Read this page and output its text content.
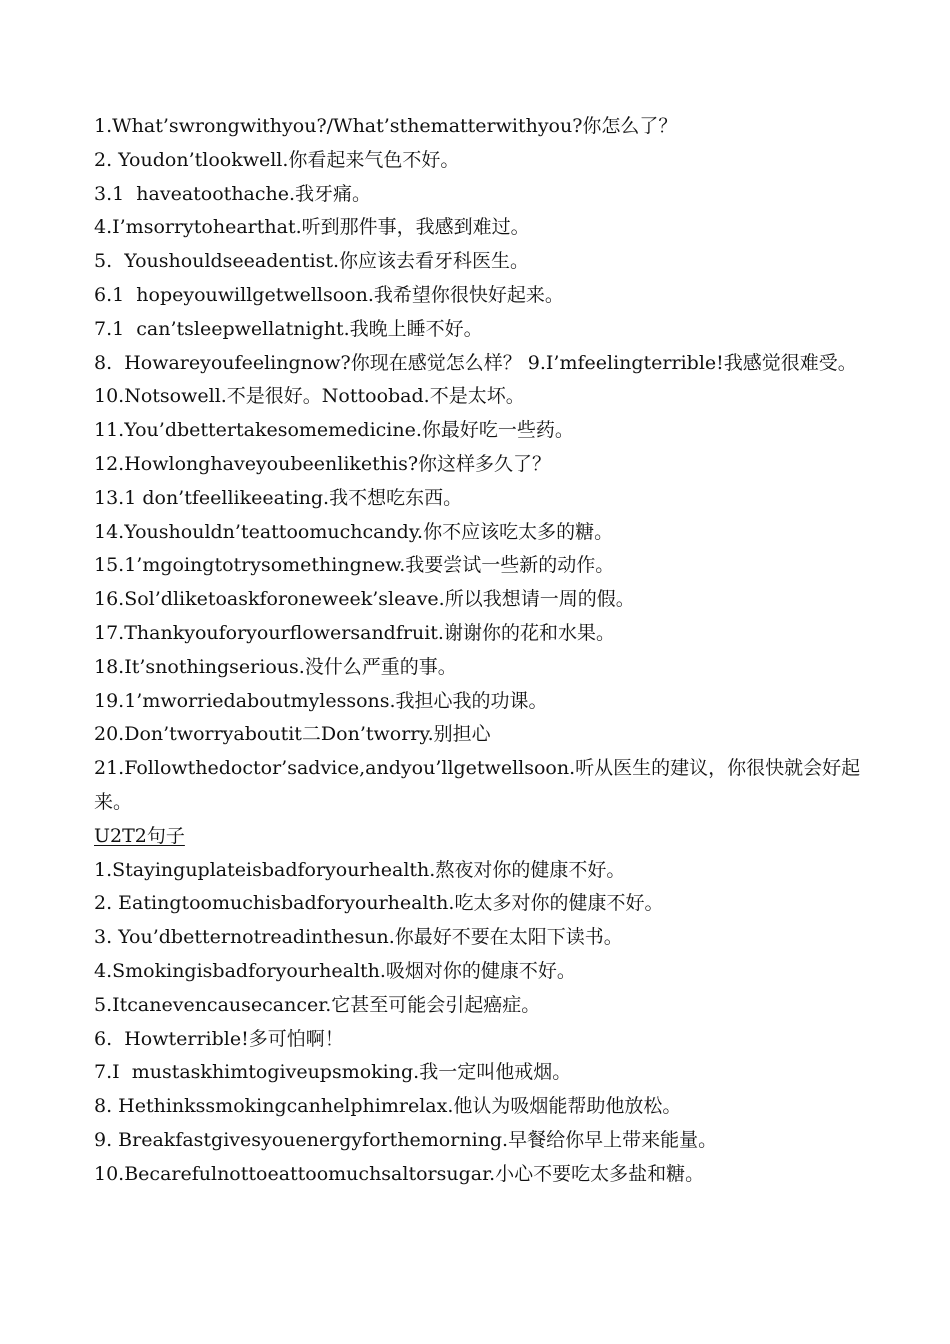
1.What’swrongwithyou?/What’sthematterwithyou?你怎么了？

2. Youdon’tlookwell.你看起来气色不好。

3.1  haveatoothache.我牙痛。

4.I’msorrytohearthat.听到那件事，我感到难过。

5.  Youshouldseeadentist.你应该去看牙科医生。

6.1  hopeyouwillgetwellsoon.我希望你很快好起来。

7.1  can’tsleepwellatnight.我晚上睡不好。

8.  Howareyoufeelingnow?你现在感觉怎么样？ 9.I’mfeelingterrible!我感觉很难受。

10.Notsowell.不是很好。Nottoobad.不是太坏。

11.You’dbettertakesomemedicine.你最好吃一些药。

12.Howlonghaveyoubeenlikethis?你这样多久了？

13.1 don’tfeellikeeating.我不想吃东西。

14.Youshouldn’teattoomuchcandy.你不应该吃太多的糖。

15.1’mgoingtotrysomethingnew.我要尝试一些新的动作。

16.Sol’dliketoaskforoneweek’sleave.所以我想请一周的假。

17.Thankyouforyourflowersandfruit.谢谢你的花和水果。

18.It’snothingserious.没什么严重的事。

19.1’mworriedaboutmylessons.我担心我的功课。

20.Don’tworryaboutit二Don’tworry.别担心

21.Followthedoctor’sadvice,andyou’llgetwellsoon.听从医生的建议，你很快就会好起来。

U2T2句子

1.Stayinguplateisbadforyourhealth.熬夜对你的健康不好。

2. Eatingtoomuchisbadforyourhealth.吃太多对你的健康不好。

3. You’dbetternotreadinthesun.你最好不要在太阳下读书。

4.Smokingisbadforyourhealth.吸烟对你的健康不好。

5.Itcanevencausecancer.它甚至可能会引起癌症。

6.  Howterrible!多可怕啊！

7.I  mustaskhimtogiveupsmoking.我一定叫他戒烟。

8. Hethinkssmokingcanhelphimrelax.他认为吸烟能帮助他放松。

9. Breakfastgivesyouenergyforthemorning.早餐给你早上带来能量。

10.Becarefulnottoeattoomuchsaltorsugar.小心不要吃太多盐和糖。
